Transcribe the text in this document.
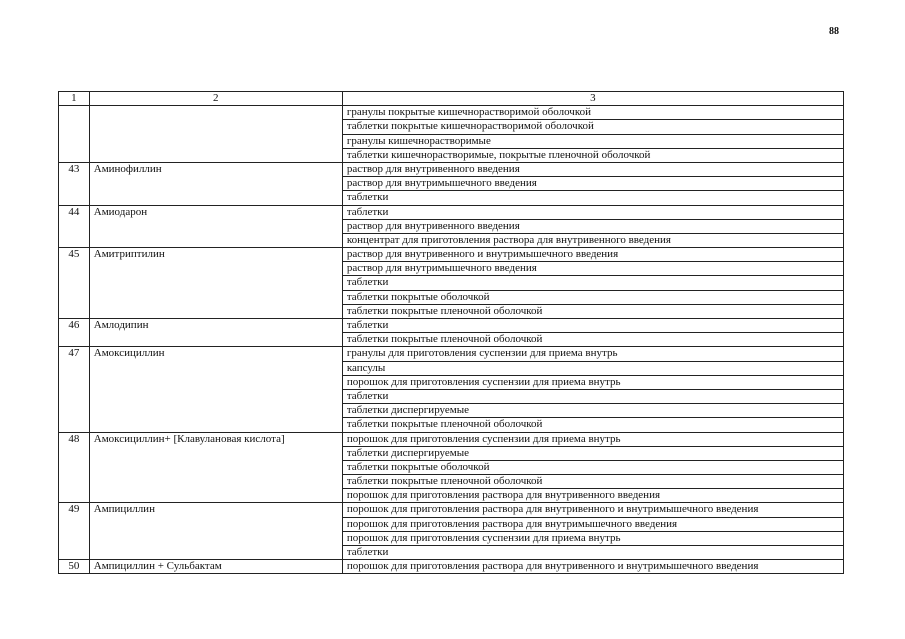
88
1	2	3
		гранулы покрытые кишечнорастворимой оболочкой
		таблетки покрытые кишечнорастворимой оболочкой
		гранулы кишечнорастворимые
		таблетки кишечнорастворимые, покрытые пленочной оболочкой
43	Аминофиллин	раствор для внутривенного введения
		раствор для внутримышечного введения
		таблетки
44	Амиодарон	таблетки
		раствор для внутривенного введения
		концентрат для приготовления раствора для внутривенного введения
45	Амитриптилин	раствор для внутривенного и внутримышечного введения
		раствор для внутримышечного введения
		таблетки
		таблетки покрытые оболочкой
		таблетки покрытые пленочной оболочкой
46	Амлодипин	таблетки
		таблетки покрытые пленочной оболочкой
47	Амоксициллин	гранулы для приготовления суспензии для приема внутрь
		капсулы
		порошок для приготовления суспензии для приема внутрь
		таблетки
		таблетки диспергируемые
		таблетки покрытые пленочной оболочкой
48	Амоксициллин+ [Клавулановая кислота]	порошок для приготовления суспензии для приема внутрь
		таблетки диспергируемые
		таблетки покрытые оболочкой
		таблетки покрытые пленочной оболочкой
		порошок для приготовления раствора для внутривенного введения
49	Ампициллин	порошок для приготовления раствора для внутривенного и внутримышечного введения
		порошок для приготовления раствора для внутримышечного введения
		порошок для приготовления суспензии для приема внутрь
		таблетки
50	Ампициллин + Сульбактам	порошок для приготовления раствора для внутривенного и внутримышечного введения
